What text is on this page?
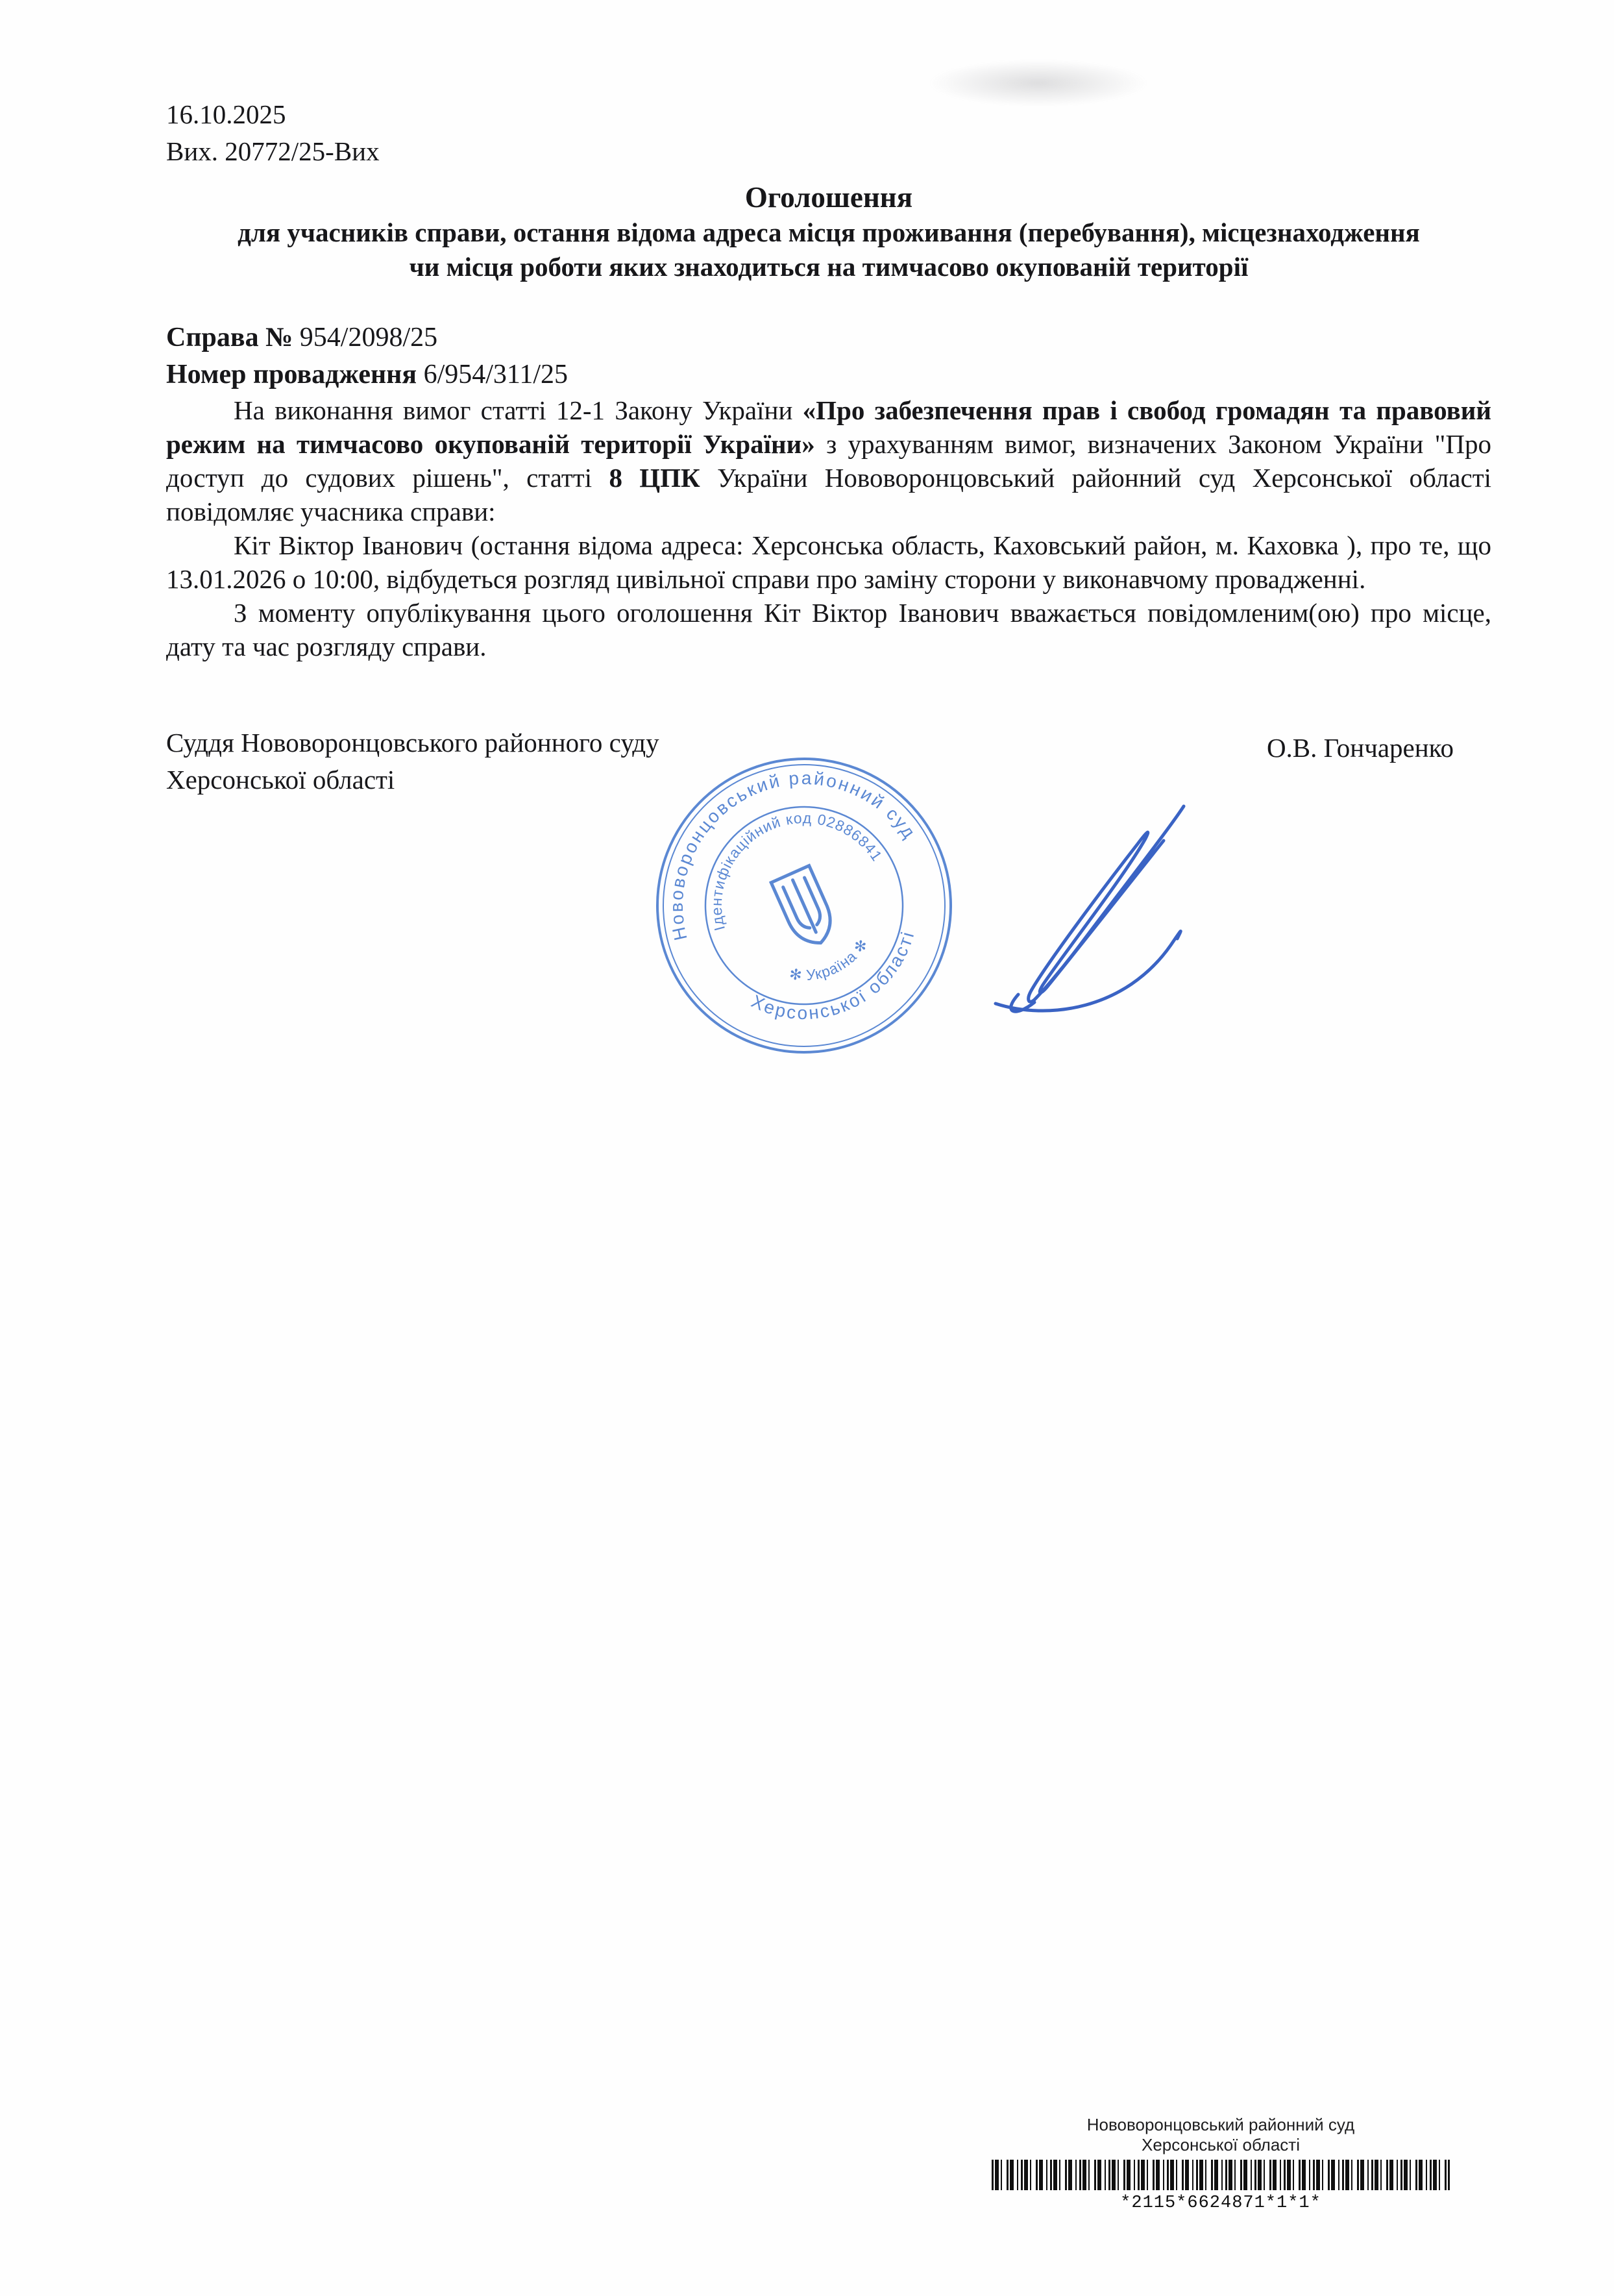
16.10.2025
Вих. 20772/25-Вих
Оголошення
для учасників справи, остання відома адреса місця проживання (перебування), місцезнаходження
чи місця роботи яких знаходиться на тимчасово окупованій території
Справа № 954/2098/25
Номер провадження 6/954/311/25

На виконання вимог статті 12-1 Закону України «Про забезпечення прав і свобод громадян та правовий режим на тимчасово окупованій території України» з урахуванням вимог, визначених Законом України "Про доступ до судових рішень", статті 8 ЦПК України Нововоронцовський районний суд Херсонської області повідомляє учасника справи:

Кіт Віктор Іванович (остання відома адреса: Херсонська область, Каховський район, м. Каховка ), про те, що 13.01.2026 о 10:00, відбудеться розгляд цивільної справи про заміну сторони у виконавчому провадженні.

З моменту опублікування цього оголошення Кіт Віктор Іванович вважається повідомленим(ою) про місце, дату та час розгляду справи.

Суддя Нововоронцовського районного суду
Херсонської області
О.В. Гончаренко
Нововоронцовський районний суд
Херсонської області
Ідентифікаційний код 02886841
✻ Україна ✻
Нововоронцовський районний суд
Херсонської області
*2115*6624871*1*1*
